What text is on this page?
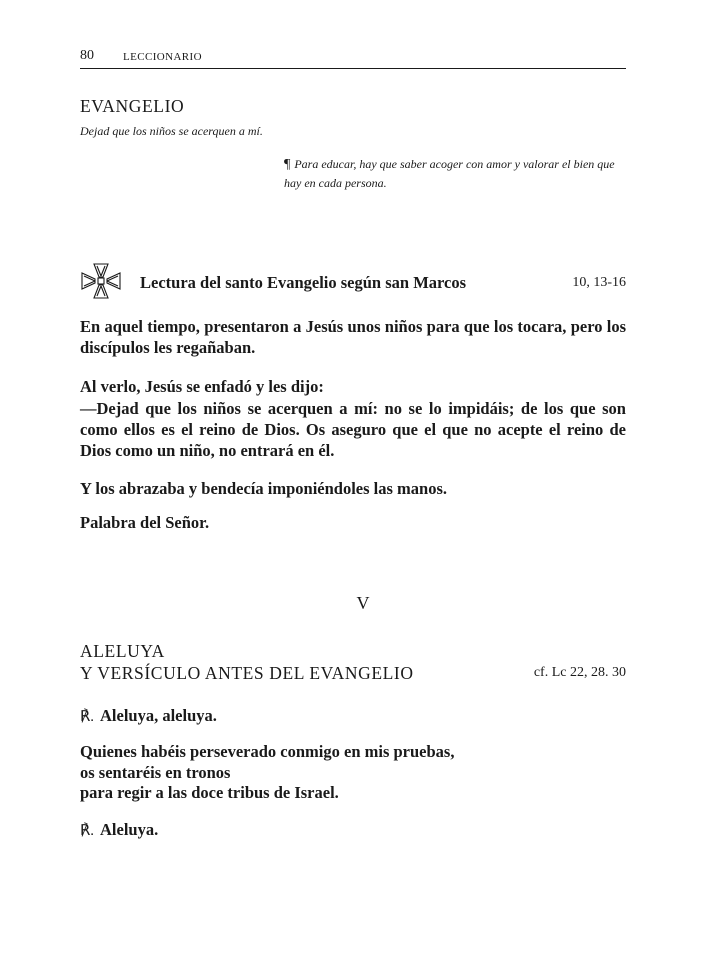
80	LECCIONARIO
EVANGELIO
Dejad que los niños se acerquen a mí.
¶ Para educar, hay que saber acoger con amor y valorar el bien que hay en cada persona.
Lectura del santo Evangelio según san Marcos	10, 13-16

En aquel tiempo, presentaron a Jesús unos niños para que los tocara, pero los discípulos les regañaban.

Al verlo, Jesús se enfadó y les dijo:

—Dejad que los niños se acerquen a mí: no se lo impidáis; de los que son como ellos es el reino de Dios. Os aseguro que el que no acepte el reino de Dios como un niño, no entrará en él.

Y los abrazaba y bendecía imponiéndoles las manos.

Palabra del Señor.

V
ALELUYA
Y VERSÍCULO ANTES DEL EVANGELIO	cf. Lc 22, 28. 30
℟. Aleluya, aleluya.
Quienes habéis perseverado conmigo en mis pruebas,
os sentaréis en tronos
para regir a las doce tribus de Israel.
℟. Aleluya.
